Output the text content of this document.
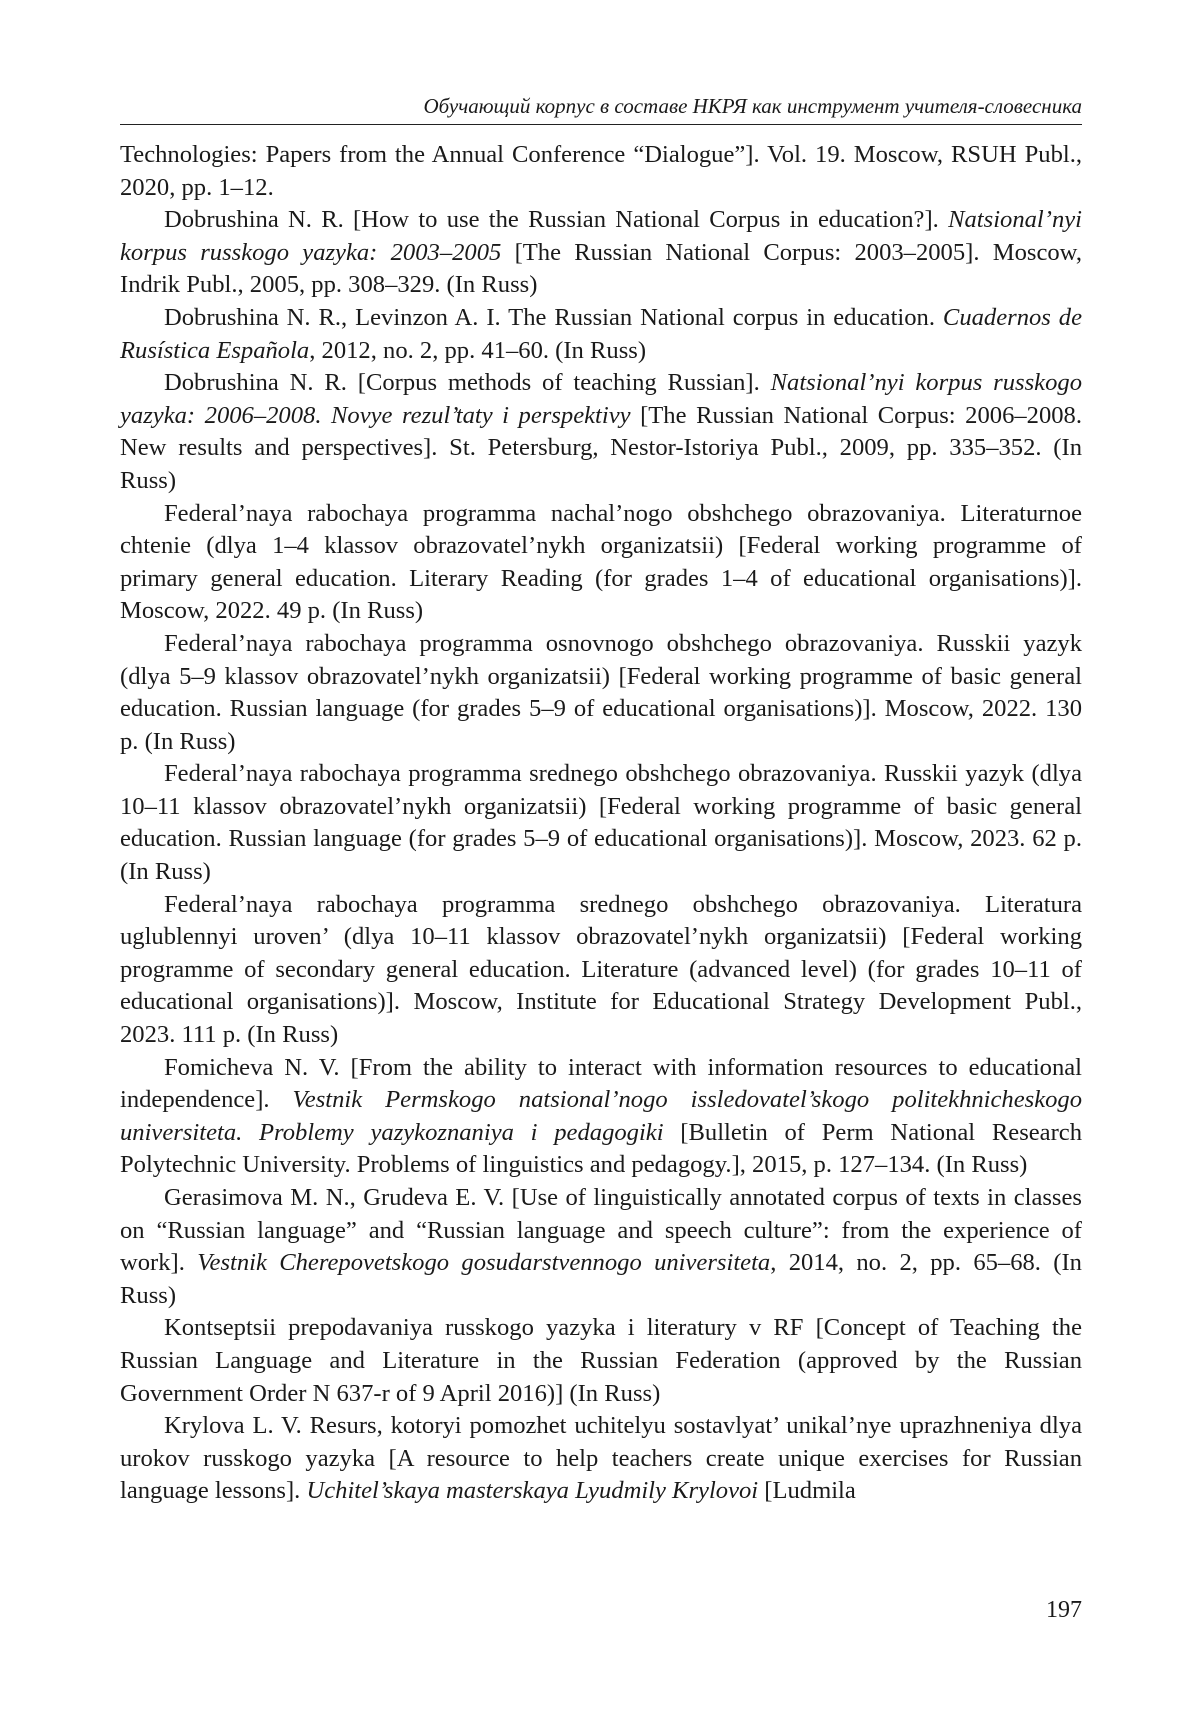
Обучающий корпус в составе НКРЯ как инструмент учителя-словесника

Technologies: Papers from the Annual Conference “Dialogue”]. Vol. 19. Moscow, RSUH Publ., 2020, pp. 1–12.

Dobrushina N. R. [How to use the Russian National Corpus in education?]. Natsional’nyi korpus russkogo yazyka: 2003–2005 [The Russian National Corpus: 2003–2005]. Moscow, Indrik Publ., 2005, pp. 308–329. (In Russ)

Dobrushina N. R., Levinzon A. I. The Russian National corpus in education. Cuadernos de Rusística Española, 2012, no. 2, pp. 41–60. (In Russ)

Dobrushina N. R. [Corpus methods of teaching Russian]. Natsional’nyi korpus russkogo yazyka: 2006–2008. Novye rezul’taty i perspektivy [The Russian National Corpus: 2006–2008. New results and perspectives]. St. Petersburg, Nestor-Istoriya Publ., 2009, pp. 335–352. (In Russ)

Federal’naya rabochaya programma nachal’nogo obshchego obrazovaniya. Literaturnoe chtenie (dlya 1–4 klassov obrazovatel’nykh organizatsii) [Federal working programme of primary general education. Literary Reading (for grades 1–4 of educational organisations)]. Moscow, 2022. 49 p. (In Russ)

Federal’naya rabochaya programma osnovnogo obshchego obrazovaniya. Russkii yazyk (dlya 5–9 klassov obrazovatel’nykh organizatsii) [Federal working programme of basic general education. Russian language (for grades 5–9 of educational organisations)]. Moscow, 2022. 130 p. (In Russ)

Federal’naya rabochaya programma srednego obshchego obrazovaniya. Russkii yazyk (dlya 10–11 klassov obrazovatel’nykh organizatsii) [Federal working programme of basic general education. Russian language (for grades 5–9 of educational organisations)]. Moscow, 2023. 62 p. (In Russ)

Federal’naya rabochaya programma srednego obshchego obrazovaniya. Literatura uglublennyi uroven’ (dlya 10–11 klassov obrazovatel’nykh organizatsii) [Federal working programme of secondary general education. Literature (advanced level) (for grades 10–11 of educational organisations)]. Moscow, Institute for Educational Strategy Development Publ., 2023. 111 p. (In Russ)

Fomicheva N. V. [From the ability to interact with information resources to educational independence]. Vestnik Permskogo natsional’nogo issledovatel’skogo politekhnicheskogo universiteta. Problemy yazykoznaniya i pedagogiki [Bulletin of Perm National Research Polytechnic University. Problems of linguistics and pedagogy.], 2015, p. 127–134. (In Russ)

Gerasimova M. N., Grudeva E. V. [Use of linguistically annotated corpus of texts in classes on “Russian language” and “Russian language and speech culture”: from the experience of work]. Vestnik Cherepovetskogo gosudarstvennogo universiteta, 2014, no. 2, pp. 65–68. (In Russ)

Kontseptsii prepodavaniya russkogo yazyka i literatury v RF [Concept of Teaching the Russian Language and Literature in the Russian Federation (approved by the Russian Government Order N 637-r of 9 April 2016)] (In Russ)

Krylova L. V. Resurs, kotoryi pomozhet uchitelyu sostavlyat’ unikal’nye uprazhneniya dlya urokov russkogo yazyka [A resource to help teachers create unique exercises for Russian language lessons]. Uchitel’skaya masterskaya Lyudmily Krylovoi [Ludmila

197
